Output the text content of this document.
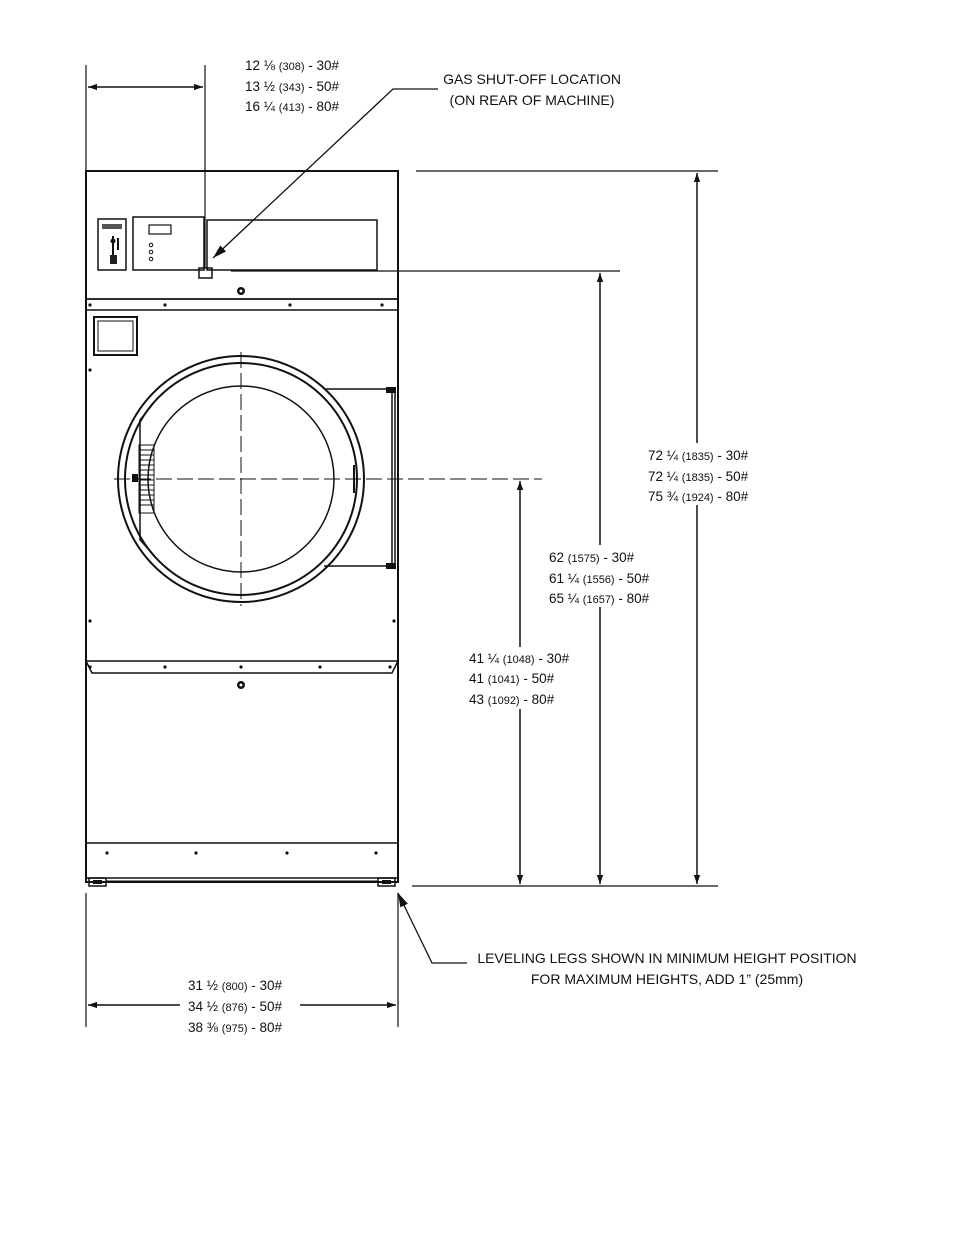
GAS SHUT-OFF LOCATION
(ON REAR OF MACHINE)
LEVELING LEGS SHOWN IN MINIMUM HEIGHT POSITION
FOR MAXIMUM HEIGHTS, ADD 1” (25mm)
12 ⅛ (308) - 30#
13 ½ (343) - 50#
16 ¼ (413) - 80#
72 ¼ (1835) - 30#
72 ¼ (1835) - 50#
75 ¾ (1924) - 80#
62 (1575) - 30#
61 ¼ (1556) - 50#
65 ¼ (1657) - 80#
41 ¼ (1048) - 30#
41 (1041) - 50#
43 (1092) - 80#
31 ½ (800) - 30#
34 ½ (876) - 50#
38 ⅜ (975) - 80#
